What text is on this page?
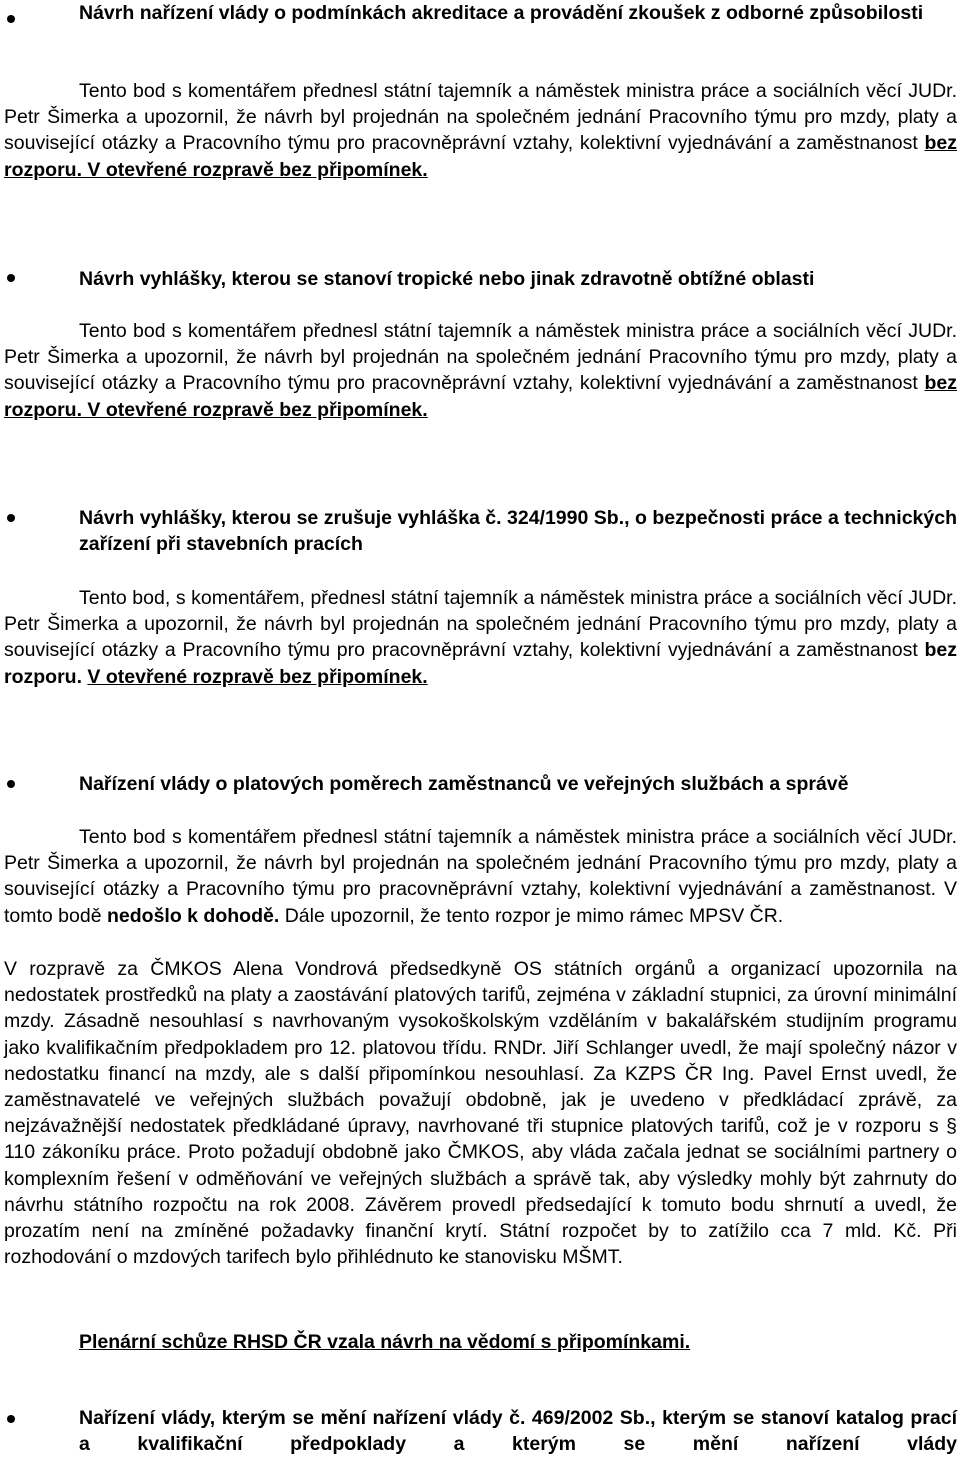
Návrh nařízení vlády o podmínkách akreditace a provádění zkoušek z odborné způsobilosti
Tento bod s komentářem přednesl státní tajemník a náměstek ministra práce a sociálních věcí JUDr. Petr Šimerka a upozornil, že návrh byl projednán na společném jednání Pracovního týmu pro mzdy, platy a související otázky a Pracovního týmu pro pracovněprávní vztahy, kolektivní vyjednávání a zaměstnanost bez rozporu. V otevřené rozpravě bez připomínek.
Návrh vyhlášky, kterou se stanoví tropické nebo jinak zdravotně obtížné oblasti
Tento bod s komentářem přednesl státní tajemník a náměstek ministra práce a sociálních věcí JUDr. Petr Šimerka a upozornil, že návrh byl projednán na společném jednání Pracovního týmu pro mzdy, platy a související otázky a Pracovního týmu pro pracovněprávní vztahy, kolektivní vyjednávání a zaměstnanost bez rozporu. V otevřené rozpravě bez připomínek.
Návrh vyhlášky, kterou se zrušuje vyhláška č. 324/1990 Sb., o bezpečnosti práce a technických zařízení při stavebních pracích
Tento bod, s komentářem, přednesl státní tajemník a náměstek ministra práce a sociálních věcí JUDr. Petr Šimerka a upozornil, že návrh byl projednán na společném jednání Pracovního týmu pro mzdy, platy a související otázky a Pracovního týmu pro pracovněprávní vztahy, kolektivní vyjednávání a zaměstnanost bez rozporu. V otevřené rozpravě bez připomínek.
Nařízení vlády o platových poměrech zaměstnanců ve veřejných službách a správě
Tento bod s komentářem přednesl státní tajemník a náměstek ministra práce a sociálních věcí JUDr. Petr Šimerka a upozornil, že návrh byl projednán na společném jednání Pracovního týmu pro mzdy, platy a související otázky a Pracovního týmu pro pracovněprávní vztahy, kolektivní vyjednávání a zaměstnanost. V tomto bodě nedošlo k dohodě. Dále upozornil, že tento rozpor je mimo rámec MPSV ČR.
V rozpravě za ČMKOS Alena Vondrová předsedkyně OS státních orgánů a organizací upozornila na nedostatek prostředků na platy a zaostávání platových tarifů, zejména v základní stupnici, za úrovní minimální mzdy. Zásadně nesouhlasí s navrhovaným vysokoškolským vzděláním v bakalářském studijním programu jako kvalifikačním předpokladem pro 12. platovou třídu. RNDr. Jiří Schlanger uvedl, že mají společný názor v nedostatku financí na mzdy, ale s další připomínkou nesouhlasí. Za KZPS ČR Ing. Pavel Ernst uvedl, že zaměstnavatelé ve veřejných službách považují obdobně, jak je uvedeno v předkládací zprávě, za nejzávažnější nedostatek předkládané úpravy, navrhované tři stupnice platových tarifů, což je v rozporu s § 110 zákoníku práce. Proto požadují obdobně jako ČMKOS, aby vláda začala jednat se sociálními partnery o komplexním řešení v odměňování ve veřejných službách a správě tak, aby výsledky mohly být zahrnuty do návrhu státního rozpočtu na rok 2008. Závěrem provedl předsedající k tomuto bodu shrnutí a uvedl, že prozatím není na zmíněné požadavky finanční krytí. Státní rozpočet by to zatížilo cca 7 mld. Kč. Při rozhodování o mzdových tarifech bylo přihlédnuto ke stanovisku MŠMT.
Plenární schůze RHSD ČR vzala návrh na vědomí s připomínkami.
Nařízení vlády, kterým se mění nařízení vlády č. 469/2002 Sb., kterým se stanoví katalog prací a kvalifikační předpoklady a kterým se mění nařízení vlády
